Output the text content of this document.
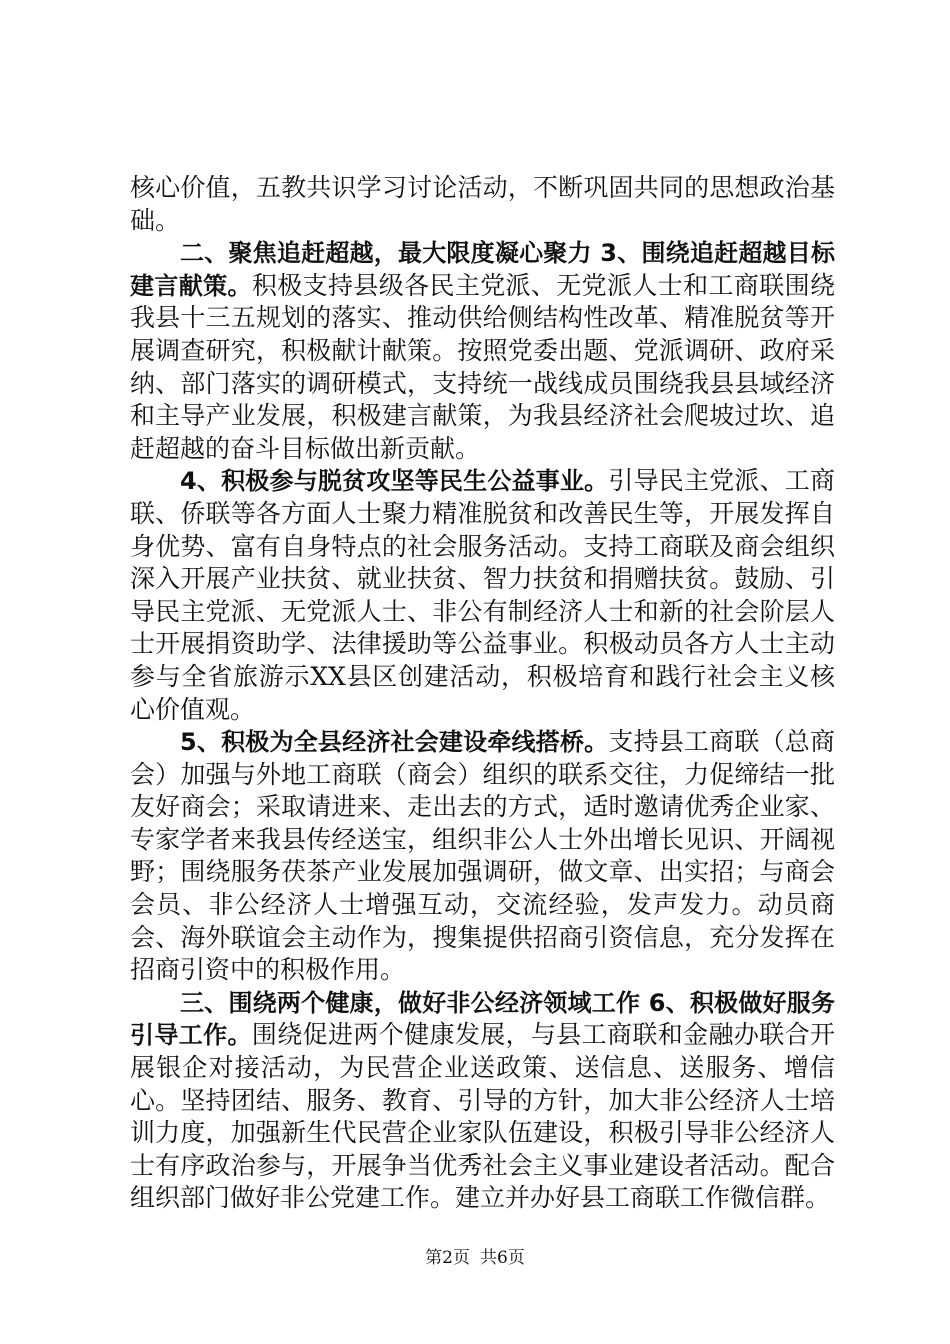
核心价值，五教共识学习讨论活动，不断巩固共同的思想政治基础。

二、聚焦追赶超越，最大限度凝心聚力 3、围绕追赶超越目标建言献策。积极支持县级各民主党派、无党派人士和工商联围绕我县十三五规划的落实、推动供给侧结构性改革、精准脱贫等开展调查研究，积极献计献策。按照党委出题、党派调研、政府采纳、部门落实的调研模式，支持统一战线成员围绕我县县域经济和主导产业发展，积极建言献策，为我县经济社会爬坡过坎、追赶超越的奋斗目标做出新贡献。

4、积极参与脱贫攻坚等民生公益事业。引导民主党派、工商联、侨联等各方面人士聚力精准脱贫和改善民生等，开展发挥自身优势、富有自身特点的社会服务活动。支持工商联及商会组织深入开展产业扶贫、就业扶贫、智力扶贫和捐赠扶贫。鼓励、引导民主党派、无党派人士、非公有制经济人士和新的社会阶层人士开展捐资助学、法律援助等公益事业。积极动员各方人士主动参与全省旅游示XX县区创建活动，积极培育和践行社会主义核心价值观。

5、积极为全县经济社会建设牵线搭桥。支持县工商联（总商会）加强与外地工商联（商会）组织的联系交往，力促缔结一批友好商会；采取请进来、走出去的方式，适时邀请优秀企业家、专家学者来我县传经送宝，组织非公人士外出增长见识、开阔视野；围绕服务茯茶产业发展加强调研，做文章、出实招；与商会会员、非公经济人士增强互动，交流经验，发声发力。动员商会、海外联谊会主动作为，搜集提供招商引资信息，充分发挥在招商引资中的积极作用。

三、围绕两个健康，做好非公经济领域工作 6、积极做好服务引导工作。围绕促进两个健康发展，与县工商联和金融办联合开展银企对接活动，为民营企业送政策、送信息、送服务、增信心。坚持团结、服务、教育、引导的方针，加大非公经济人士培训力度，加强新生代民营企业家队伍建设，积极引导非公经济人士有序政治参与，开展争当优秀社会主义事业建设者活动。配合组织部门做好非公党建工作。建立并办好县工商联工作微信群。

第2页 共6页
